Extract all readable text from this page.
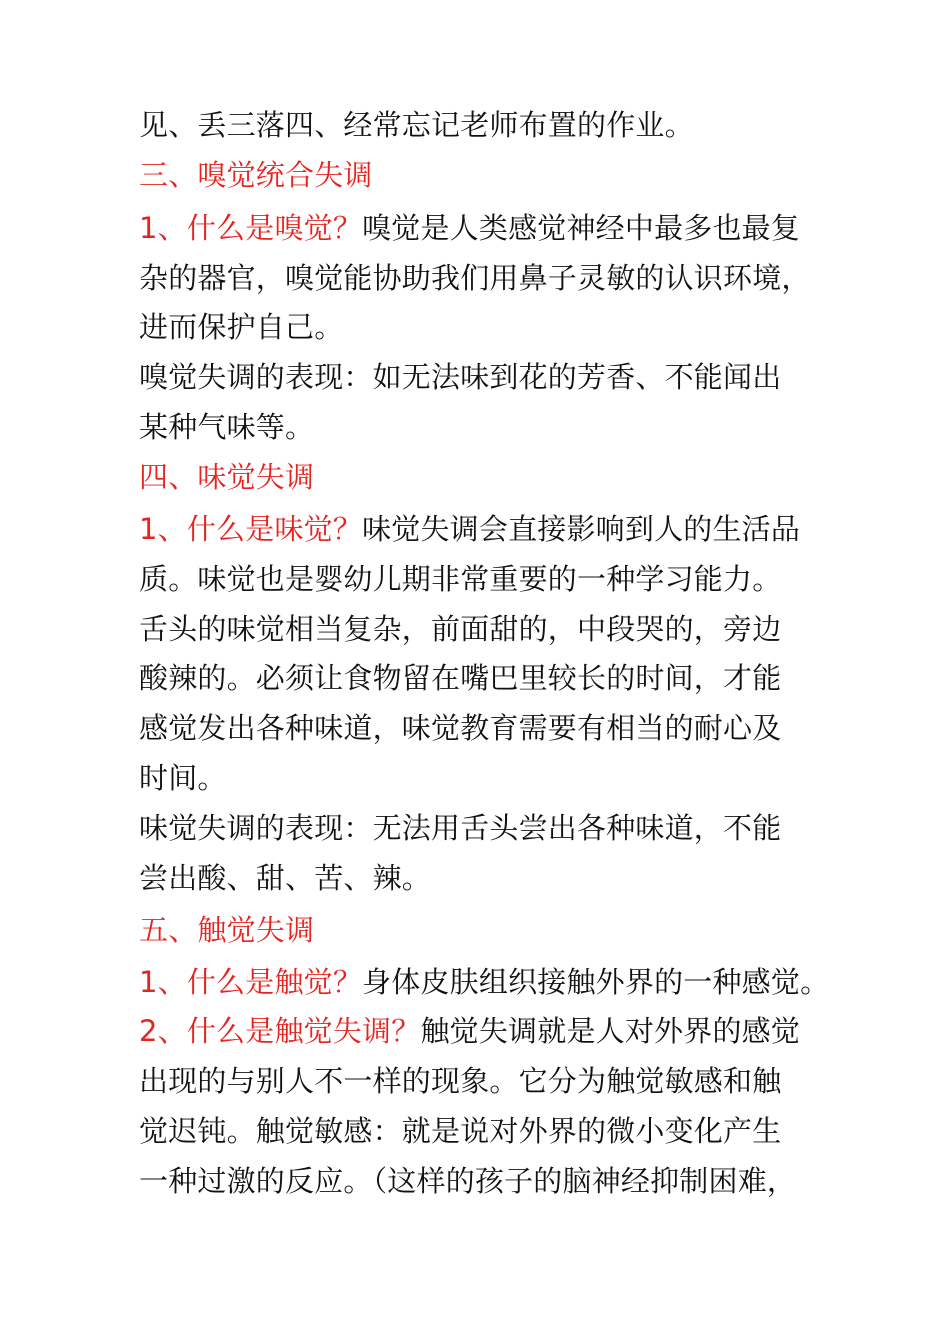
见、丢三落四、经常忘记老师布置的作业。
三、嗅觉统合失调
1、什么是嗅觉？嗅觉是人类感觉神经中最多也最复
杂的器官，嗅觉能协助我们用鼻子灵敏的认识环境，
进而保护自己。
嗅觉失调的表现：如无法味到花的芳香、不能闻出
某种气味等。
四、味觉失调
1、什么是味觉？味觉失调会直接影响到人的生活品
质。味觉也是婴幼儿期非常重要的一种学习能力。
舌头的味觉相当复杂，前面甜的，中段哭的，旁边
酸辣的。必须让食物留在嘴巴里较长的时间，才能
感觉发出各种味道，味觉教育需要有相当的耐心及
时间。
味觉失调的表现：无法用舌头尝出各种味道，不能
尝出酸、甜、苦、辣。
五、触觉失调
1、什么是触觉？身体皮肤组织接触外界的一种感觉。
2、什么是触觉失调？触觉失调就是人对外界的感觉
出现的与别人不一样的现象。它分为触觉敏感和触
觉迟钝。触觉敏感：就是说对外界的微小变化产生
一种过激的反应。（这样的孩子的脑神经抑制困难，
